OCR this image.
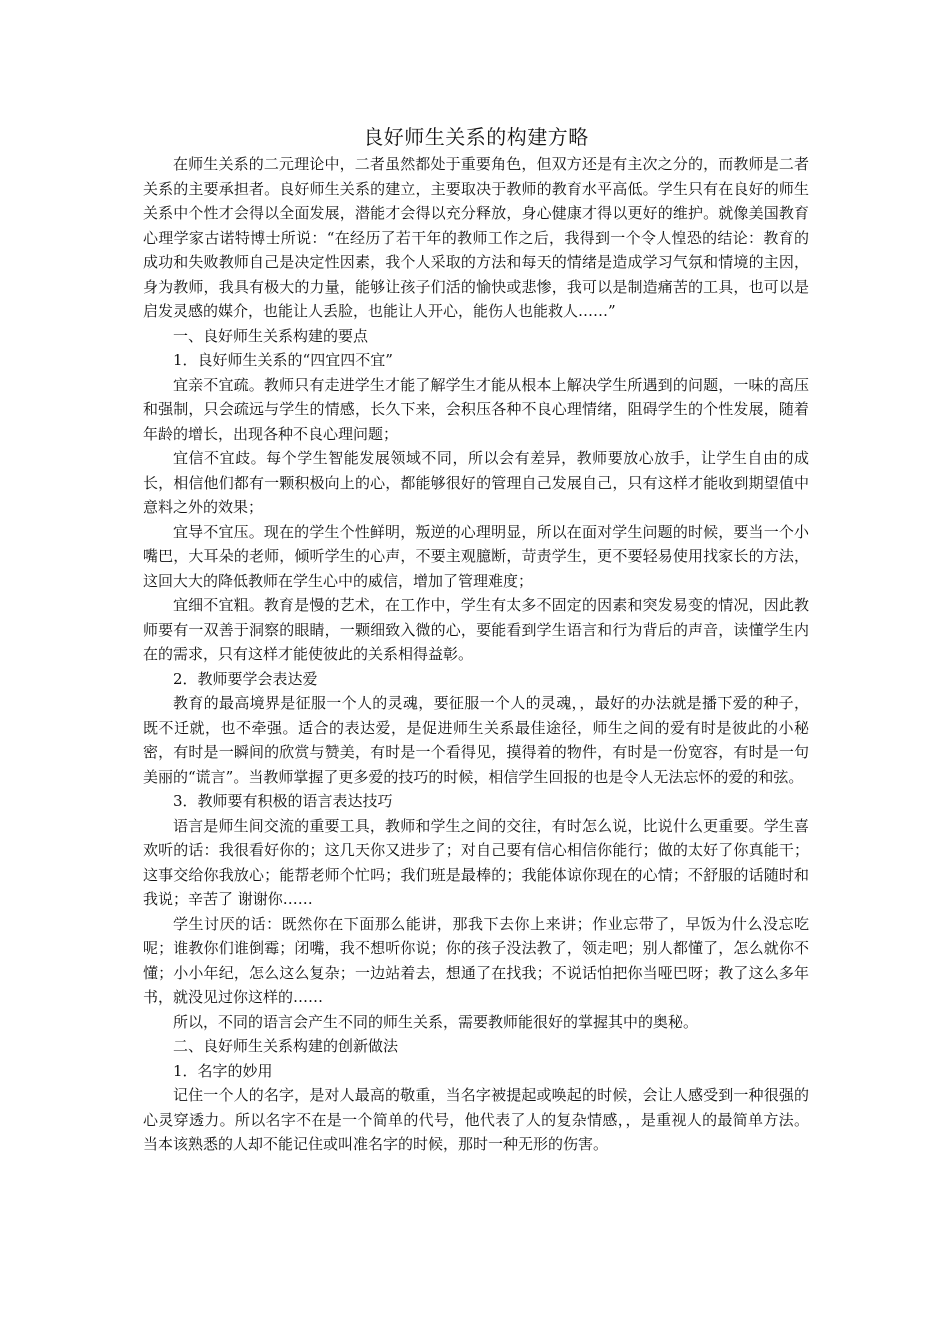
良好师生关系的构建方略

在师生关系的二元理论中，二者虽然都处于重要角色，但双方还是有主次之分的，而教师是二者关系的主要承担者。良好师生关系的建立，主要取决于教师的教育水平高低。学生只有在良好的师生关系中个性才会得以全面发展，潜能才会得以充分释放，身心健康才得以更好的维护。就像美国教育心理学家古诺特博士所说：“在经历了若干年的教师工作之后，我得到一个令人惶恐的结论：教育的成功和失败教师自己是决定性因素，我个人采取的方法和每天的情绪是造成学习气氛和情境的主因，身为教师，我具有极大的力量，能够让孩子们活的愉快或悲惨，我可以是制造痛苦的工具，也可以是启发灵感的媒介，也能让人丢脸，也能让人开心，能伤人也能救人……”

一、良好师生关系构建的要点

1．良好师生关系的“四宜四不宜”

宜亲不宜疏。教师只有走进学生才能了解学生才能从根本上解决学生所遇到的问题，一味的高压和强制，只会疏远与学生的情感，长久下来，会积压各种不良心理情绪，阻碍学生的个性发展，随着年龄的增长，出现各种不良心理问题；

宜信不宜歧。每个学生智能发展领域不同，所以会有差异，教师要放心放手，让学生自由的成长，相信他们都有一颗积极向上的心，都能够很好的管理自己发展自己，只有这样才能收到期望值中意料之外的效果；

宜导不宜压。现在的学生个性鲜明，叛逆的心理明显，所以在面对学生问题的时候，要当一个小嘴巴，大耳朵的老师，倾听学生的心声，不要主观臆断，苛责学生，更不要轻易使用找家长的方法，这回大大的降低教师在学生心中的威信，增加了管理难度；

宜细不宜粗。教育是慢的艺术，在工作中，学生有太多不固定的因素和突发易变的情况，因此教师要有一双善于洞察的眼睛，一颗细致入微的心，要能看到学生语言和行为背后的声音，读懂学生内在的需求，只有这样才能使彼此的关系相得益彰。

2．教师要学会表达爱

教育的最高境界是征服一个人的灵魂，要征服一个人的灵魂，，最好的办法就是播下爱的种子，既不迁就，也不牵强。适合的表达爱，是促进师生关系最佳途径，师生之间的爱有时是彼此的小秘密，有时是一瞬间的欣赏与赞美，有时是一个看得见，摸得着的物件，有时是一份宽容，有时是一句美丽的“谎言”。当教师掌握了更多爱的技巧的时候，相信学生回报的也是令人无法忘怀的爱的和弦。

3．教师要有积极的语言表达技巧

语言是师生间交流的重要工具，教师和学生之间的交往，有时怎么说，比说什么更重要。学生喜欢听的话：我很看好你的；这几天你又进步了；对自己要有信心相信你能行；做的太好了你真能干；这事交给你我放心；能帮老师个忙吗；我们班是最棒的；我能体谅你现在的心情；不舒服的话随时和我说；辛苦了 谢谢你……

学生讨厌的话：既然你在下面那么能讲，那我下去你上来讲；作业忘带了，早饭为什么没忘吃呢；谁教你们谁倒霉；闭嘴，我不想听你说；你的孩子没法教了，领走吧；别人都懂了，怎么就你不懂；小小年纪，怎么这么复杂；一边站着去，想通了在找我；不说话怕把你当哑巴呀；教了这么多年书，就没见过你这样的……

所以，不同的语言会产生不同的师生关系，需要教师能很好的掌握其中的奥秘。

二、良好师生关系构建的创新做法

1．名字的妙用

记住一个人的名字，是对人最高的敬重，当名字被提起或唤起的时候，会让人感受到一种很强的心灵穿透力。所以名字不在是一个简单的代号，他代表了人的复杂情感，，是重视人的最简单方法。当本该熟悉的人却不能记住或叫准名字的时候，那时一种无形的伤害。
